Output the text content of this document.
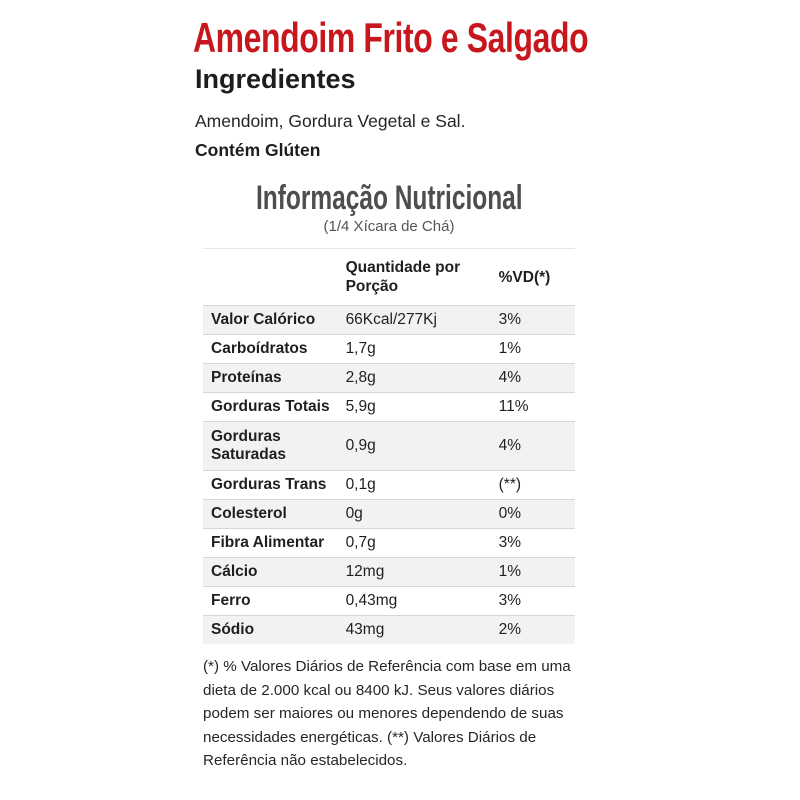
Amendoim Frito e Salgado
Ingredientes
Amendoim, Gordura Vegetal e Sal.
Contém Glúten
Informação Nutricional
(1/4 Xícara de Chá)
	Quantidade por Porção	%VD(*)
Valor Calórico	66Kcal/277Kj	3%
Carboídratos	1,7g	1%
Proteínas	2,8g	4%
Gorduras Totais	5,9g	11%
Gorduras Saturadas	0,9g	4%
Gorduras Trans	0,1g	(**)
Colesterol	0g	0%
Fibra Alimentar	0,7g	3%
Cálcio	12mg	1%
Ferro	0,43mg	3%
Sódio	43mg	2%
(*) % Valores Diários de Referência com base em uma dieta de 2.000 kcal ou 8400 kJ. Seus valores diários podem ser maiores ou menores dependendo de suas necessidades energéticas. (**) Valores Diários de Referência não estabelecidos.
